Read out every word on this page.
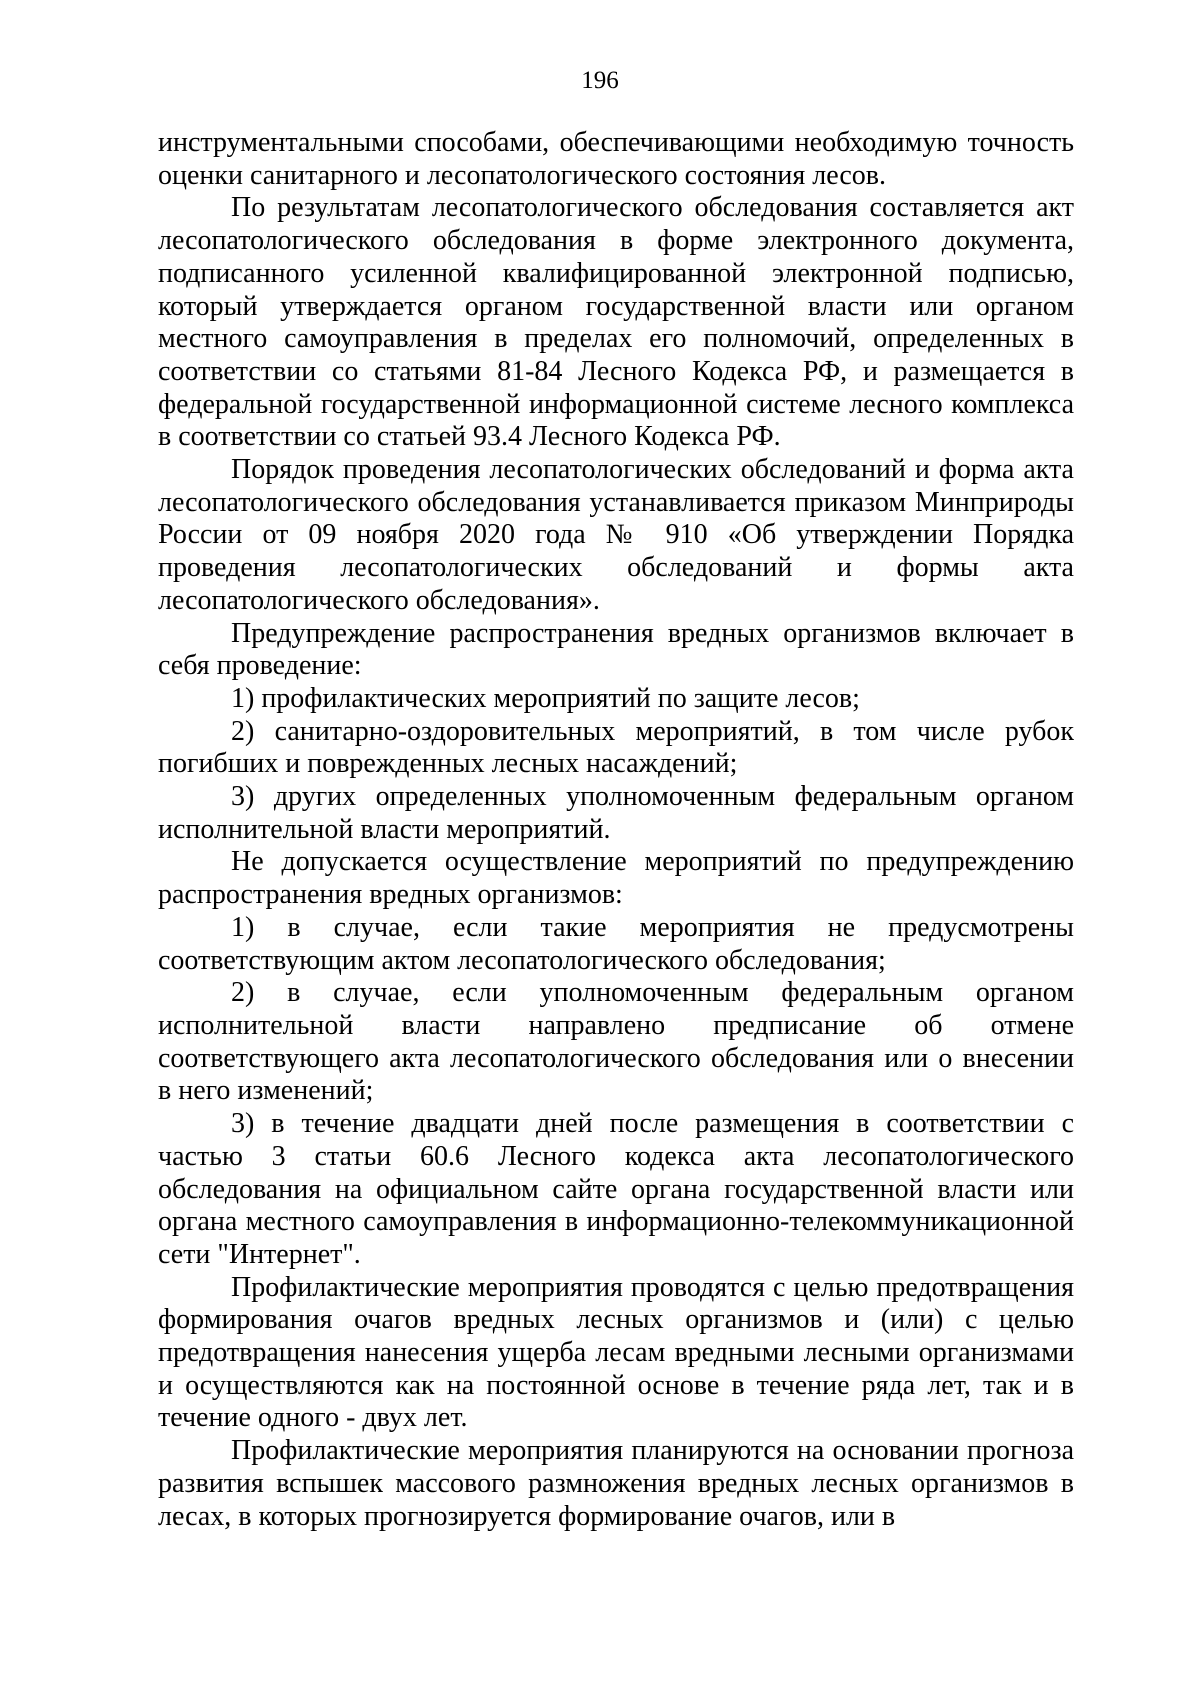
196

инструментальными способами, обеспечивающими необходимую точность оценки санитарного и лесопатологического состояния лесов.

По результатам лесопатологического обследования составляется акт лесопатологического обследования в форме электронного документа, подписанного усиленной квалифицированной электронной подписью, который утверждается органом государственной власти или органом местного самоуправления в пределах его полномочий, определенных в соответствии со статьями 81-84 Лесного Кодекса РФ, и размещается в федеральной государственной информационной системе лесного комплекса в соответствии со статьей 93.4 Лесного Кодекса РФ.

Порядок проведения лесопатологических обследований и форма акта лесопатологического обследования устанавливается приказом Минприроды России от 09 ноября 2020 года № 910 «Об утверждении Порядка проведения лесопатологических обследований и формы акта лесопатологического обследования».

Предупреждение распространения вредных организмов включает в себя проведение:

1) профилактических мероприятий по защите лесов;

2) санитарно-оздоровительных мероприятий, в том числе рубок погибших и поврежденных лесных насаждений;

3) других определенных уполномоченным федеральным органом исполнительной власти мероприятий.

Не допускается осуществление мероприятий по предупреждению распространения вредных организмов:

1) в случае, если такие мероприятия не предусмотрены соответствующим актом лесопатологического обследования;

2) в случае, если уполномоченным федеральным органом исполнительной власти направлено предписание об отмене соответствующего акта лесопатологического обследования или о внесении в него изменений;

3) в течение двадцати дней после размещения в соответствии с частью 3 статьи 60.6 Лесного кодекса акта лесопатологического обследования на официальном сайте органа государственной власти или органа местного самоуправления в информационно-телекоммуникационной сети "Интернет".

Профилактические мероприятия проводятся с целью предотвращения формирования очагов вредных лесных организмов и (или) с целью предотвращения нанесения ущерба лесам вредными лесными организмами и осуществляются как на постоянной основе в течение ряда лет, так и в течение одного - двух лет.

Профилактические мероприятия планируются на основании прогноза развития вспышек массового размножения вредных лесных организмов в лесах, в которых прогнозируется формирование очагов, или в
